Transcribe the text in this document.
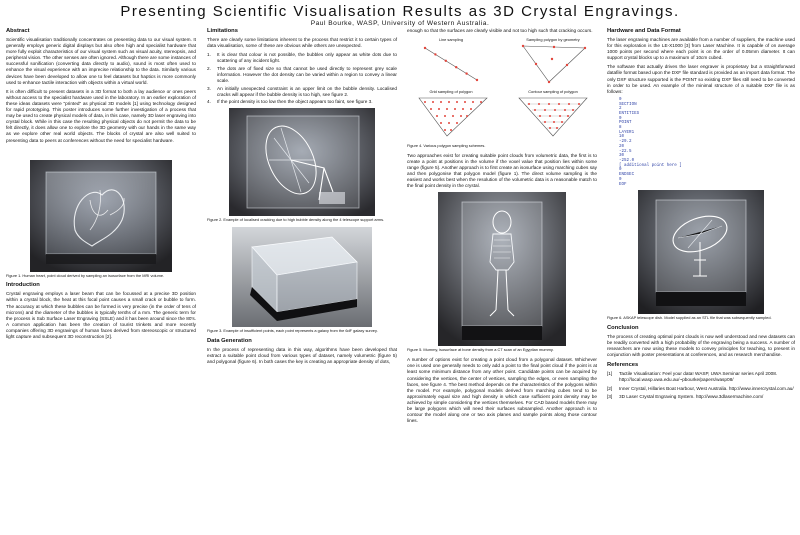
Presenting Scientific Visualisation Results as 3D Crystal Engravings.
Paul Bourke, WASP, University of Western Australia.
Abstract

Scientific visualisation traditionally concentrates on presenting data to our visual system. It generally employs generic digital displays but also often high and specialist hardware that more fully exploit characteristics of our visual system such as visual acuity, stereopsis, and peripheral vision. The other senses are often ignored. Although there are some instances of successful sonification (converting data directly to audio), sound is most often used to enhance the visual experience with an imprecise relationship to the data. Similarly various devices have been developed to allow one to feel datasets but haptics is more commonly used to enhance tactile interaction with objects within a virtual world.

It is often difficult to present datasets in a 3D format to both a lay audience or ones peers without access to the specialist hardware used in the laboratory. In an earlier exploration of these ideas datasets were "printed" as physical 3D models [1] using technology designed for rapid prototyping. This poster introduces some further investigation of a process that may be used to create physical models of data, in this case, namely 3D laser engraving into crystal block. While in this case the resulting physical objects do not permit the data to be felt directly, it does allow one to explore the 3D geometry with our hands in the same way as we explore other real world objects. The blocks of crystal are also well suited to presenting data to peers at conferences without the need for specialist hardware.

Figure 1. Human heart, point cloud derived by sampling an isosurface from the MRI volume.
Introduction

Crystal engraving employs a laser beam that can be focussed at a precise 3D position within a crystal block, the heat at this focal point causes a small crack or bubble to form. The accuracy at which these bubbles can be formed is very precise (in the order of tens of microns) and the diameter of the bubbles is typically tenths of a mm. The generic term for the process is Sub Surface Laser Engraving (SSLE) and it has been around since the 80's. A common application has been the creation of tourist trinkets and more recently companies offering 3D engravings of human faces derived from stereoscopic or structured light capture and subsequent 3D reconstruction [2].

Limitations

There are clearly some limitations inherent to the process that restrict it to certain types of data visualisation, some of these are obvious while others are unexpected.

1.	It is clear that colour is not possible, the bubbles only appear as white dots due to scattering of any incident light.
2.	The dots are of fixed size so that cannot be used directly to represent grey scale information. However the dot density can be varied within a region to convey a linear scale.
3.	An initially unexpected constraint is an upper limit on the bubble density. Localised cracks will appear if the bubble density is too high, see figure 2.
4.	If the point density is too low then the object appears too faint, see figure 3.
Figure 2. Example of localised cracking due to high bubble density along the 4 telescope support arms.
Figure 3. Example of insufficient points, each point represents a galaxy from the 6dF galaxy survey.
Data Generation

In the process of representing data in this way, algorithms have been developed that extract a suitable point cloud from various types of dataset, namely volumetric (figure 5) and polygonal (figure 6). In both cases the key is creating an appropriate density of dots,

enough so that the surfaces are clearly visible and not too high such that cracking occurs.

Line sampling	Sampling polygon by geometry
Grid sampling of polygon	Contour sampling of polygon
Figure 4. Various polygon sampling schemes.

Two approaches exist for creating suitable point clouds from volumetric data, the first is to create a point at positions in the volume if the voxel value that position lies within some range (figure 5). Another approach is to first create an isosurface using marching cubes say and then polygonise that polygon model (figure 1). The direct volume sampling is the easiest and works best when the resolution of the volumetric data is a reasonable match to the final point density in the crystal.

Figure 5. Mummy, isosurface at bone density from a CT scan of an Egyptian mummy.

A number of options exist for creating a point cloud from a polygonal dataset. Whichever one is used one generally needs to only add a point to the final point cloud if the point is at least some minimum distance from any other point. Candidate points can be acquired by considering the vertices, the center of vertices, sampling the edges, or even sampling the faces, see figure 4. The best method depends on the characteristics of the polygons within the model. For example, polygonal models derived from marching cubes tend to be approximately equal size and high density in which case sufficient point density may be achieved by simple considering the vertices themselves. For CAD based models there may be large polygons which will need their surfaces subsampled. Another approach is to contour the model along one or two axis planes and sample points along those contour lines.

Hardware and Data Format

The laser engraving machines are available from a number of suppliers, the machine used for this exploration is the LE-X1000 [3] from Laser Machine. It is capable of on average 1000 points per second where each point is on the order of 0.05mm diameter. It can support crystal blocks up to a maximum of 10cm cubed.

The software that actually drives the laser engraver is proprietary but a straightforward datafile format based upon the DXF file standard is provided as an import data format. The only DXF structure supported is the POINT so existing DXF files still need to be converted in order to be used. An example of the minimal structure of a suitable DXF file is as follows:

0
SECTION
2
ENTITIES
0
POINT
8
LAYER1
10
-29.2
20
-22.5
30
-252.0
[ additional point here ]
0
ENDSEC
0
EOF
Figure 6. ASKAP telescope dish. Model supplied as an STL file that was subsequently sampled.
Conclusion

The process of creating optimal point clouds is now well understood and new datasets can be readily converted with a high probability of the engraving being a success. A number of researchers are now using these models to convey principles for teaching, to present in conjunction with poster presentations at conferences, and as research merchandise.

References
[1]	Tactile Visualisation: Feel your data! WASP, UWA Seminar series April 2008. http://local.wasp.uwa.edu.au/~pbourke/papers/wasp08/
[2]	Inner Crystal, Hillaries Boat Harbour, West Australia. http://www.innercrystal.com.au/
[3]	3D Laser Crystal Engraving System. http://www.3dlasermachine.com/
